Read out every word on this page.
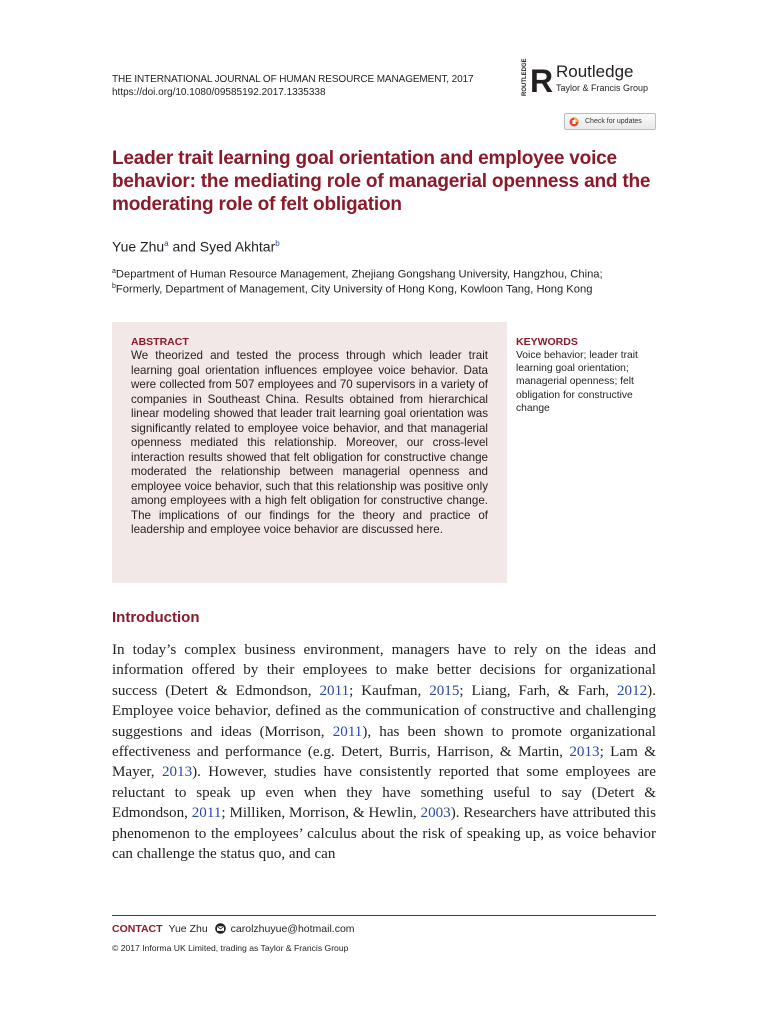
THE INTERNATIONAL JOURNAL OF HUMAN RESOURCE MANAGEMENT, 2017
https://doi.org/10.1080/09585192.2017.1335338	ROUTLEDGE R Routledge
Taylor & Francis Group
Check for updates
Leader trait learning goal orientation and employee voice behavior: the mediating role of managerial openness and the moderating role of felt obligation
Yue Zhu$^a$ and Syed Akhtar$^b$
$^a$Department of Human Resource Management, Zhejiang Gongshang University, Hangzhou, China;
$^b$Formerly, Department of Management, City University of Hong Kong, Kowloon Tang, Hong Kong
ABSTRACT
We theorized and tested the process through which leader trait learning goal orientation influences employee voice behavior. Data were collected from 507 employees and 70 supervisors in a variety of companies in Southeast China. Results obtained from hierarchical linear modeling showed that leader trait learning goal orientation was significantly related to employee voice behavior, and that managerial openness mediated this relationship. Moreover, our cross-level interaction results showed that felt obligation for constructive change moderated the relationship between managerial openness and employee voice behavior, such that this relationship was positive only among employees with a high felt obligation for constructive change. The implications of our findings for the theory and practice of leadership and employee voice behavior are discussed here.
KEYWORDS
Voice behavior; leader trait learning goal orientation; managerial openness; felt obligation for constructive change
Introduction
In today’s complex business environment, managers have to rely on the ideas and information offered by their employees to make better decisions for organizational success (Detert & Edmondson, 2011; Kaufman, 2015; Liang, Farh, & Farh, 2012). Employee voice behavior, defined as the communication of constructive and challenging suggestions and ideas (Morrison, 2011), has been shown to promote organizational effectiveness and performance (e.g. Detert, Burris, Harrison, & Martin, 2013; Lam & Mayer, 2013). However, studies have consistently reported that some employees are reluctant to speak up even when they have something useful to say (Detert & Edmondson, 2011; Milliken, Morrison, & Hewlin, 2003). Researchers have attributed this phenomenon to the employees’ calculus about the risk of speaking up, as voice behavior can challenge the status quo, and can
CONTACT Yue Zhu carolzhuyue@hotmail.com
© 2017 Informa UK Limited, trading as Taylor & Francis Group
